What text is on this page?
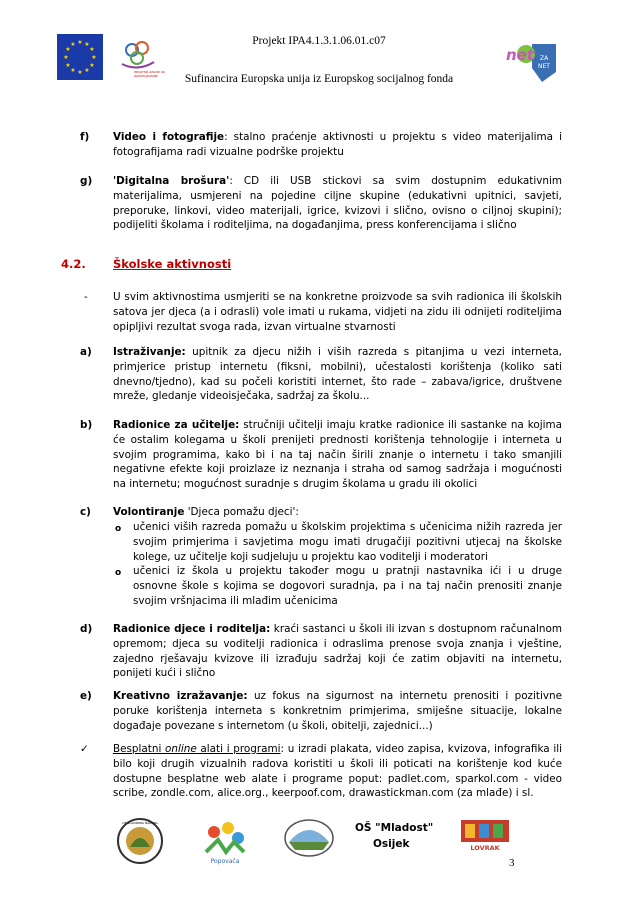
★ ★
★
★
★
★
★
★
★
★
★
★
HRVATSKI ZAVOD ZA ZAPOŠLJAVANJE
net ZA
NET
Projekt IPA4.1.3.1.06.01.c07
Sufinancira Europska unija iz Europskog socijalnog fonda
f) Video i fotografije: stalno praćenje aktivnosti u projektu s video materijalima i fotografijama radi vizualne podrške projektu
g) 'Digitalna brošura': CD ili USB stickovi sa svim dostupnim edukativnim materijalima, usmjereni na pojedine ciljne skupine (edukativni upitnici, savjeti, preporuke, linkovi, video materijali, igrice, kvizovi i slično, ovisno o ciljnoj skupini); podijeliti školama i roditeljima, na događanjima, press konferencijama i slično
4.2. Školske aktivnosti
- U svim aktivnostima usmjeriti se na konkretne proizvode sa svih radionica ili školskih satova jer djeca (a i odrasli) vole imati u rukama, vidjeti na zidu ili odnijeti roditeljima opipljivi rezultat svoga rada, izvan virtualne stvarnosti
a) Istraživanje: upitnik za djecu nižih i viših razreda s pitanjima u vezi interneta, primjerice pristup internetu (fiksni, mobilni), učestalosti korištenja (koliko sati dnevno/tjedno), kad su počeli koristiti internet, što rade – zabava/igrice, društvene mreže, gledanje videoisječaka, sadržaj za školu...
b) Radionice za učitelje: stručniji učitelji imaju kratke radionice ili sastanke na kojima će ostalim kolegama u školi prenijeti prednosti korištenja tehnologije i interneta u svojim programima, kako bi i na taj način širili znanje o internetu i tako smanjili negativne efekte koji proizlaze iz neznanja i straha od samog sadržaja i mogućnosti na internetu; mogućnost suradnje s drugim školama u gradu ili okolici
c) Volontiranje 'Djeca pomažu djeci':
o učenici viših razreda pomažu u školskim projektima s učenicima nižih razreda jer svojim primjerima i savjetima mogu imati drugačiji pozitivni utjecaj na školske kolege, uz učitelje koji sudjeluju u projektu kao voditelji i moderatori
o učenici iz škola u projektu također mogu u pratnji nastavnika ići i u druge osnovne škole s kojima se dogovori suradnja, pa i na taj način prenositi znanje svojim vršnjacima ili mlađim učenicima
d) Radionice djece i roditelja: kraći sastanci u školi ili izvan s dostupnom računalnom opremom; djeca su voditelji radionica i odraslima prenose svoja znanja i vještine, zajedno rješavaju kvizove ili izrađuju sadržaj koji će zatim objaviti na internetu, ponijeti kući i slično
e) Kreativno izražavanje: uz fokus na sigurnost na internetu prenositi i pozitivne poruke korištenja interneta s konkretnim primjerima, smiješne situacije, lokalne događaje povezane s internetom (u školi, obitelji, zajednici...)
✓ Besplatni online alati i programi: u izradi plakata, video zapisa, kvizova, infografika ili bilo koji drugih vizualnih radova koristiti u školi ili poticati na korištenje kod kuće dostupne besplatne web alate i programe poput: padlet.com, sparkol.com - video scribe, zondle.com, alice.org., keerpoof.com, drawastickman.com (za mlađe) i sl.
OŠ VLADIMIRA NAZORA
Popovača
OŠ "Mladost"
Osijek	LOVRAK
3
